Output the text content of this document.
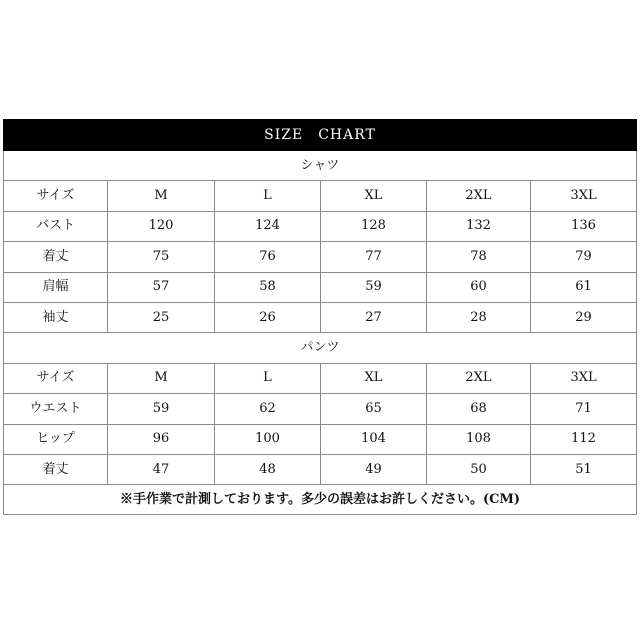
SIZE　CHART					
シャツ					
サイズ	M	L	XL	2XL	3XL
バスト	120	124	128	132	136
着丈	75	76	77	78	79
肩幅	57	58	59	60	61
袖丈	25	26	27	28	29
パンツ					
サイズ	M	L	XL	2XL	3XL
ウエスト	59	62	65	68	71
ヒップ	96	100	104	108	112
着丈	47	48	49	50	51
※手作業で計測しております。多少の誤差はお許しください。(CM)					
